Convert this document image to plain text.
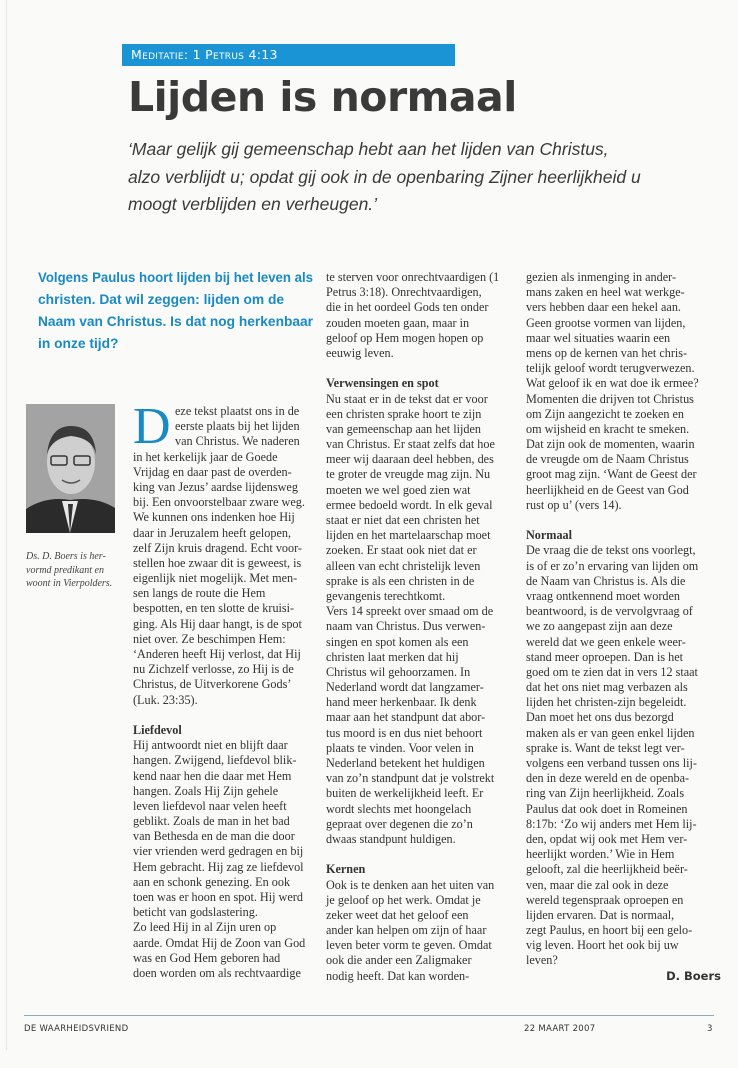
Meditatie: 1 Petrus 4:13
Lijden is normaal
‘Maar gelijk gij gemeenschap hebt aan het lijden van Christus,
alzo verblijdt u; opdat gij ook in de openbaring Zijner heerlijkheid u
moogt verblijden en verheugen.’
Volgens Paulus hoort lijden bij het leven als
christen. Dat wil zeggen: lijden om de
Naam van Christus. Is dat nog herkenbaar
in onze tijd?
Ds. D. Boers is her-
vormd predikant en
woont in Vierpolders.
D eze tekst plaatst ons in de
eerste plaats bij het lijden
van Christus. We naderen
in het kerkelijk jaar de Goede
Vrijdag en daar past de overden-
king van Jezus’ aardse lijdensweg
bij. Een onvoorstelbaar zware weg.
We kunnen ons indenken hoe Hij
daar in Jeruzalem heeft gelopen,
zelf Zijn kruis dragend. Echt voor-
stellen hoe zwaar dit is geweest, is
eigenlijk niet mogelijk. Met men-
sen langs de route die Hem
bespotten, en ten slotte de kruisi-
ging. Als Hij daar hangt, is de spot
niet over. Ze beschimpen Hem:
‘Anderen heeft Hij verlost, dat Hij
nu Zichzelf verlosse, zo Hij is de
Christus, de Uitverkorene Gods’
(Luk. 23:35).
Liefdevol
Hij antwoordt niet en blijft daar
hangen. Zwijgend, liefdevol blik-
kend naar hen die daar met Hem
hangen. Zoals Hij Zijn gehele
leven liefdevol naar velen heeft
geblikt. Zoals de man in het bad
van Bethesda en de man die door
vier vrienden werd gedragen en bij
Hem gebracht. Hij zag ze liefdevol
aan en schonk genezing. En ook
toen was er hoon en spot. Hij werd
beticht van godslastering.
Zo leed Hij in al Zijn uren op
aarde. Omdat Hij de Zoon van God
was en God Hem geboren had
doen worden om als rechtvaardige
te sterven voor onrechtvaardigen (1
Petrus 3:18). Onrechtvaardigen,
die in het oordeel Gods ten onder
zouden moeten gaan, maar in
geloof op Hem mogen hopen op
eeuwig leven.
Verwensingen en spot
Nu staat er in de tekst dat er voor
een christen sprake hoort te zijn
van gemeenschap aan het lijden
van Christus. Er staat zelfs dat hoe
meer wij daaraan deel hebben, des
te groter de vreugde mag zijn. Nu
moeten we wel goed zien wat
ermee bedoeld wordt. In elk geval
staat er niet dat een christen het
lijden en het martelaarschap moet
zoeken. Er staat ook niet dat er
alleen van echt christelijk leven
sprake is als een christen in de
gevangenis terechtkomt.
Vers 14 spreekt over smaad om de
naam van Christus. Dus verwen-
singen en spot komen als een
christen laat merken dat hij
Christus wil gehoorzamen. In
Nederland wordt dat langzamer-
hand meer herkenbaar. Ik denk
maar aan het standpunt dat abor-
tus moord is en dus niet behoort
plaats te vinden. Voor velen in
Nederland betekent het huldigen
van zo’n standpunt dat je volstrekt
buiten de werkelijkheid leeft. Er
wordt slechts met hoongelach
gepraat over degenen die zo’n
dwaas standpunt huldigen.
Kernen
Ook is te denken aan het uiten van
je geloof op het werk. Omdat je
zeker weet dat het geloof een
ander kan helpen om zijn of haar
leven beter vorm te geven. Omdat
ook die ander een Zaligmaker
nodig heeft. Dat kan worden-
gezien als inmenging in ander-
mans zaken en heel wat werkge-
vers hebben daar een hekel aan.
Geen grootse vormen van lijden,
maar wel situaties waarin een
mens op de kernen van het chris-
telijk geloof wordt terugverwezen.
Wat geloof ik en wat doe ik ermee?
Momenten die drijven tot Christus
om Zijn aangezicht te zoeken en
om wijsheid en kracht te smeken.
Dat zijn ook de momenten, waarin
de vreugde om de Naam Christus
groot mag zijn. ‘Want de Geest der
heerlijkheid en de Geest van God
rust op u’ (vers 14).
Normaal
De vraag die de tekst ons voorlegt,
is of er zo’n ervaring van lijden om
de Naam van Christus is. Als die
vraag ontkennend moet worden
beantwoord, is de vervolgvraag of
we zo aangepast zijn aan deze
wereld dat we geen enkele weer-
stand meer oproepen. Dan is het
goed om te zien dat in vers 12 staat
dat het ons niet mag verbazen als
lijden het christen-zijn begeleidt.
Dan moet het ons dus bezorgd
maken als er van geen enkel lijden
sprake is. Want de tekst legt ver-
volgens een verband tussen ons lij-
den in deze wereld en de openba-
ring van Zijn heerlijkheid. Zoals
Paulus dat ook doet in Romeinen
8:17b: ‘Zo wij anders met Hem lij-
den, opdat wij ook met Hem ver-
heerlijkt worden.’ Wie in Hem
gelooft, zal die heerlijkheid beër-
ven, maar die zal ook in deze
wereld tegenspraak oproepen en
lijden ervaren. Dat is normaal,
zegt Paulus, en hoort bij een gelo-
vig leven. Hoort het ook bij uw
leven?
D. Boers
DE WAARHEIDSVRIEND	22 MAART 2007	3
